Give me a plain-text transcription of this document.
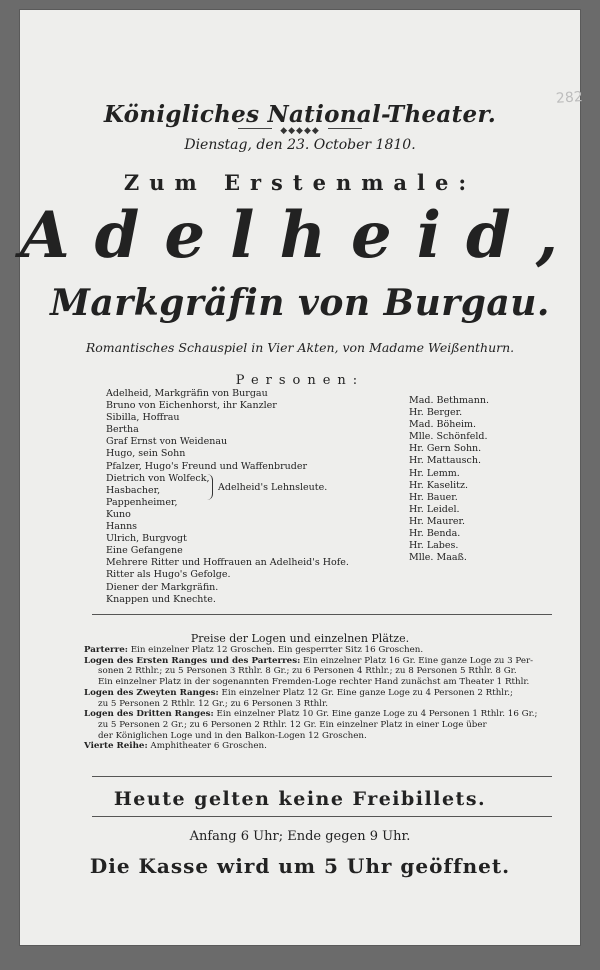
282
Königliches National-Theater.
◆◆◆◆◆
Dienstag, den 23. October 1810.
Zum Erstenmale:
Adelheid,
Markgräfin von Burgau.
Romantisches Schauspiel in Vier Akten, von Madame Weißenthurn.
Personen:
Adelheid, Markgräfin von Burgau
Bruno von Eichenhorst, ihr Kanzler
Sibilla, Hoffrau
Bertha
Graf Ernst von Weidenau
Hugo, sein Sohn
Pfalzer, Hugo's Freund und Waffenbruder
Dietrich von Wolfeck,
Hasbacher,
Pappenheimer,
Kuno
Hanns
Ulrich, Burgvogt
Eine Gefangene
Mehrere Ritter und Hoffrauen an Adelheid's Hofe.
Ritter als Hugo's Gefolge.
Diener der Markgräfin.
Knappen und Knechte.
Adelheid's Lehnsleute.
Mad. Bethmann.
Hr. Berger.
Mad. Böheim.
Mlle. Schönfeld.
Hr. Gern Sohn.
Hr. Mattausch.
Hr. Lemm.
Hr. Kaselitz.
Hr. Bauer.
Hr. Leidel.
Hr. Maurer.
Hr. Benda.
Hr. Labes.
Mlle. Maaß.
Preise der Logen und einzelnen Plätze.
Parterre: Ein einzelner Platz 12 Groschen. Ein gesperrter Sitz 16 Groschen.
Logen des Ersten Ranges und des Parterres: Ein einzelner Platz 16 Gr. Eine ganze Loge zu 3 Per-
sonen 2 Rthlr.; zu 5 Personen 3 Rthlr. 8 Gr.; zu 6 Personen 4 Rthlr.; zu 8 Personen 5 Rthlr. 8 Gr.
Ein einzelner Platz in der sogenannten Fremden-Loge rechter Hand zunächst am Theater 1 Rthlr.
Logen des Zweyten Ranges: Ein einzelner Platz 12 Gr. Eine ganze Loge zu 4 Personen 2 Rthlr.;
zu 5 Personen 2 Rthlr. 12 Gr.; zu 6 Personen 3 Rthlr.
Logen des Dritten Ranges: Ein einzelner Platz 10 Gr. Eine ganze Loge zu 4 Personen 1 Rthlr. 16 Gr.;
zu 5 Personen 2 Gr.; zu 6 Personen 2 Rthlr. 12 Gr. Ein einzelner Platz in einer Loge über
der Königlichen Loge und in den Balkon-Logen 12 Groschen.
Vierte Reihe: Amphitheater 6 Groschen.
Heute gelten keine Freibillets.
Anfang 6 Uhr; Ende gegen 9 Uhr.
Die Kasse wird um 5 Uhr geöffnet.
